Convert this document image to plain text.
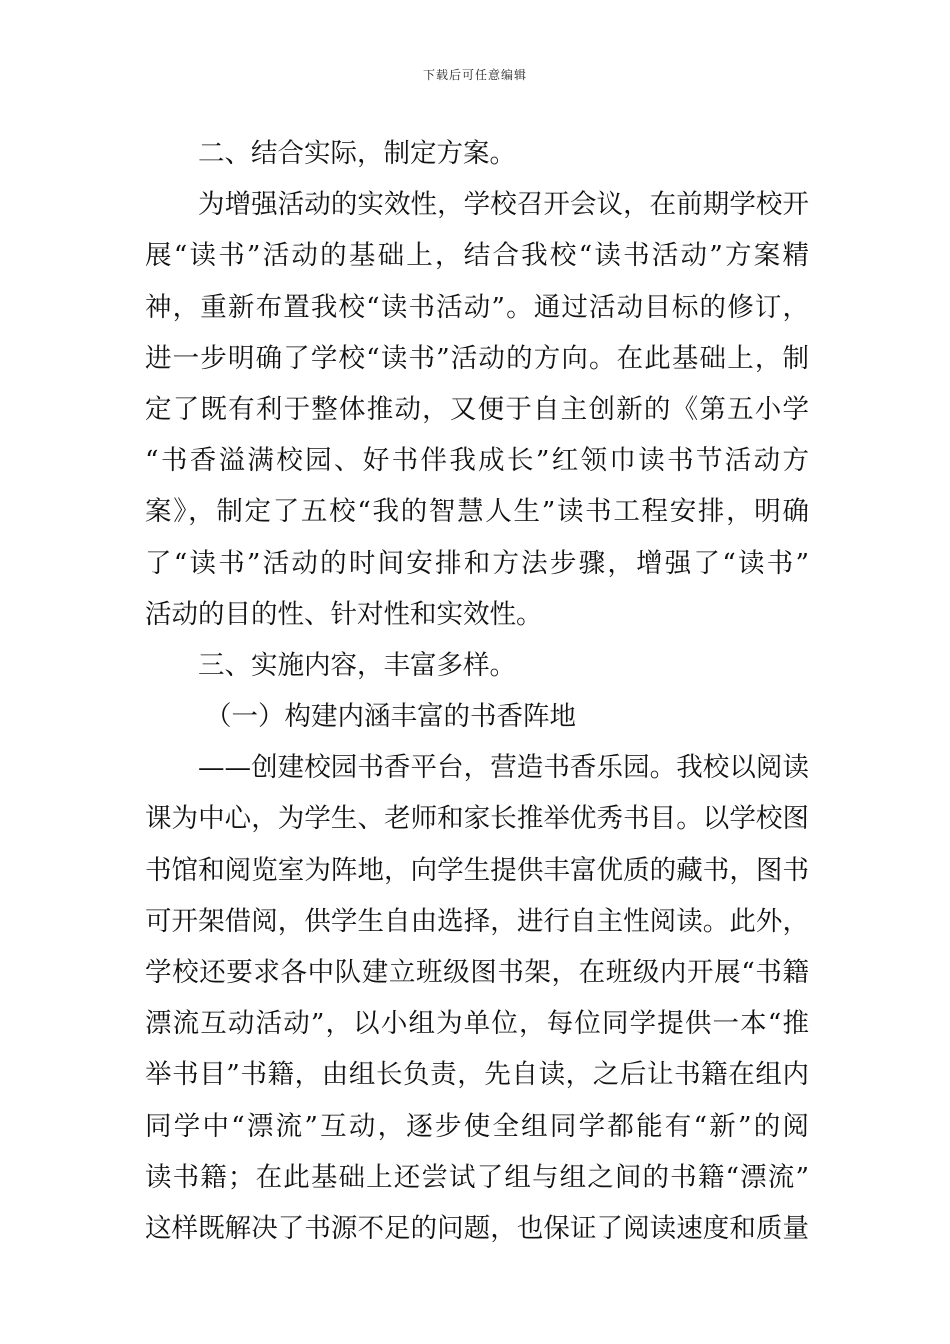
下载后可任意编辑
二、结合实际，制定方案。
为增强活动的实效性，学校召开会议，在前期学校开
展“读书”活动的基础上，结合我校“读书活动”方案精
神，重新布置我校“读书活动”。通过活动目标的修订，
进一步明确了学校“读书”活动的方向。在此基础上，制
定了既有利于整体推动，又便于自主创新的《第五小学
“书香溢满校园、好书伴我成长”红领巾读书节活动方
案》，制定了五校“我的智慧人生”读书工程安排，明确
了“读书”活动的时间安排和方法步骤，增强了“读书”
活动的目的性、针对性和实效性。
三、实施内容，丰富多样。
（一）构建内涵丰富的书香阵地
——创建校园书香平台，营造书香乐园。我校以阅读
课为中心，为学生、老师和家长推举优秀书目。以学校图
书馆和阅览室为阵地，向学生提供丰富优质的藏书，图书
可开架借阅，供学生自由选择，进行自主性阅读。此外，
学校还要求各中队建立班级图书架，在班级内开展“书籍
漂流互动活动”，以小组为单位，每位同学提供一本“推
举书目”书籍，由组长负责，先自读，之后让书籍在组内
同学中“漂流”互动，逐步使全组同学都能有“新”的阅
读书籍；在此基础上还尝试了组与组之间的书籍“漂流”
这样既解决了书源不足的问题，也保证了阅读速度和质量
